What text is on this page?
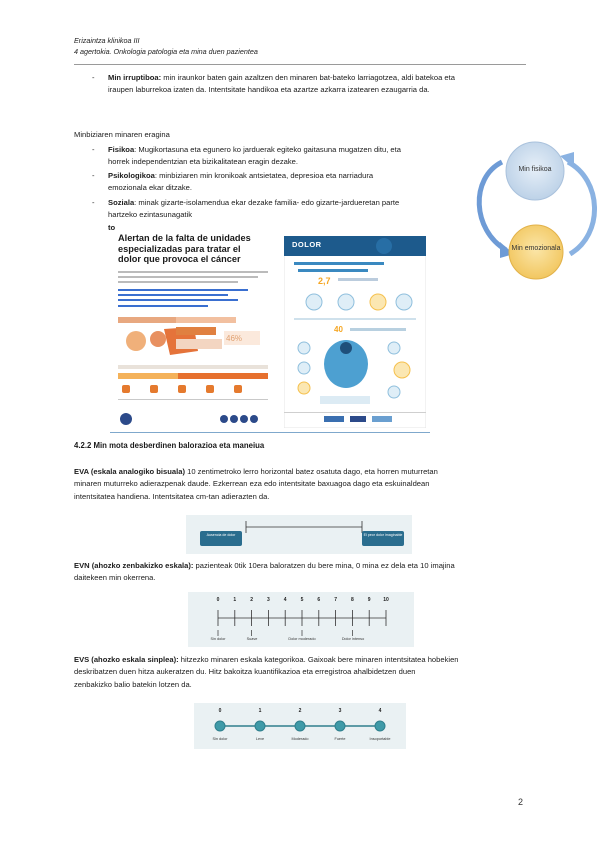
Erizaintza klinikoa III
4 agertokia. Onkologia patologia eta mina duen pazientea
- Min irruptiboa: min iraunkor baten gain azaltzen den minaren bat-bateko larriagotzea, aldi batekoa eta
iraupen laburrekoa izaten da. Intentsitate handikoa eta azartze azkarra izatearen ezaugarria da.
Minbiziaren minaren eragina
- Fisikoa: Mugikortasuna eta egunero ko jarduerak egiteko gaitasuna mugatzen ditu, eta
horrek independentzian eta bizikalitatean eragin dezake.
- Psikologikoa: minbiziaren min kronikoak antsietatea, depresioa eta narriadura
emozionala ekar ditzake.
- Soziala: minak gizarte-isolamendua ekar dezake familia- edo gizarte-jardueretan parte
hartzeko ezintasunagatik
to
Min fisikoa
Min emozionala
Alertan de la falta de unidades
especializadas para tratar el
dolor que provoca el cáncer
46%
2,7
40
DOLOR
4.2.2 Min mota desberdinen balorazioa eta maneiua
EVA (eskala analogiko bisuala) 10 zentimetroko lerro horizontal batez osatuta dago, eta horren muturretan
minaren muturreko adierazpenak daude. Ezkerrean eza edo intentsitate baxuagoa dago eta eskuinaldean
intentsitatea handiena. Intentsitatea cm-tan adierazten da.
Ausencia de dolor	El peor dolor imaginable
EVN (ahozko zenbakizko eskala): pazienteak 0tik 10era baloratzen du bere mina, 0 mina ez dela eta 10 imajina
daitekeen min okerrena.
0	1	2	3	4	5	6	7	8	9	10
Sin dolor	Suave	Dolor moderado	Dolor intenso
EVS (ahozko eskala sinplea): hitzezko minaren eskala kategorikoa. Gaixoak bere minaren intentsitatea hobekien
deskribatzen duen hitza aukeratzen du. Hitz bakoitza kuantifikazioa eta erregistroa ahalbidetzen duen
zenbakizko balio batekin lotzen da.
0	1	2	3	4
Sin dolor	Leve	Moderado	Fuerte	Insoportable
2
